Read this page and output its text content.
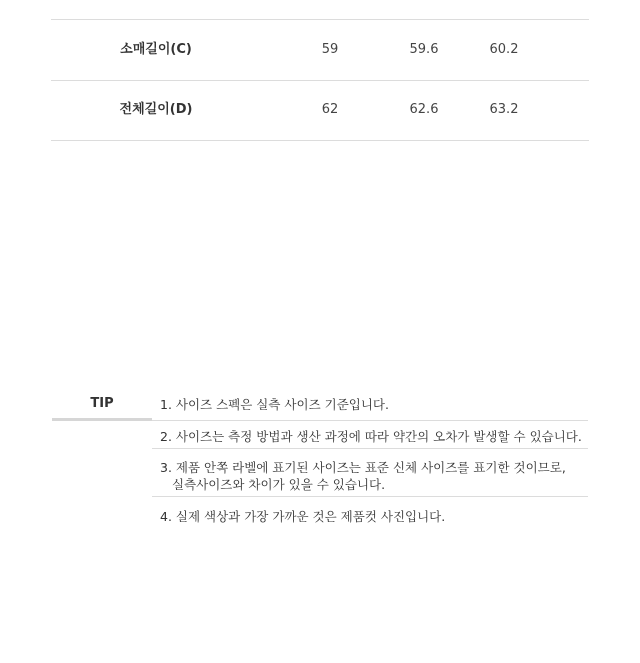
소매길이(C)	59	59.6	60.2
전체길이(D)	62	62.6	63.2
TIP	1. 사이즈 스펙은 실측 사이즈 기준입니다.
2. 사이즈는 측정 방법과 생산 과정에 따라 약간의 오차가 발생할 수 있습니다.
3. 제품 안쪽 라벨에 표기된 사이즈는 표준 신체 사이즈를 표기한 것이므로,
실측사이즈와 차이가 있을 수 있습니다.
4. 실제 색상과 가장 가까운 것은 제품컷 사진입니다.
